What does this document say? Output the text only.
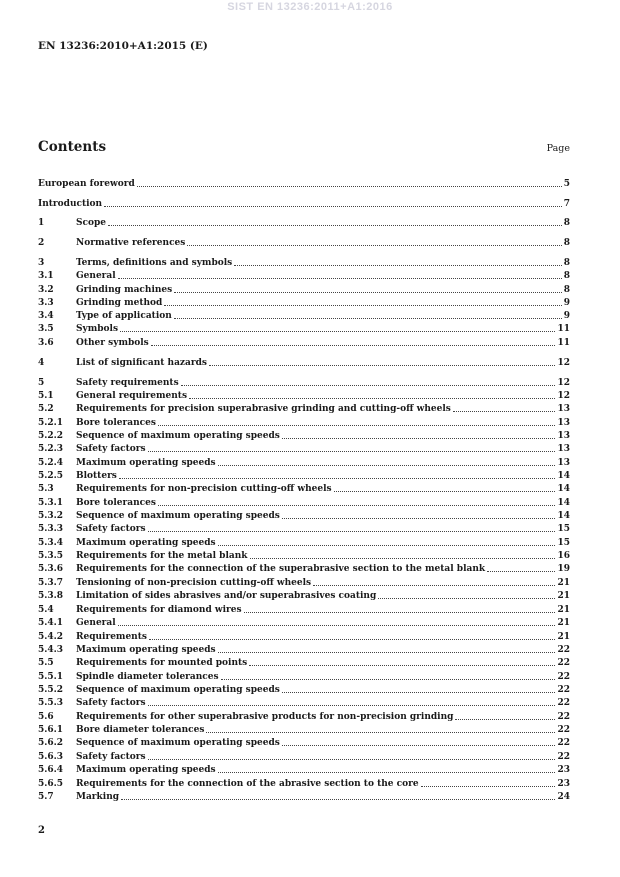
SIST EN 13236:2011+A1:2016
EN 13236:2010+A1:2015 (E)
Contents	Page
European foreword	5
Introduction	7
1	Scope	8
2	Normative references	8
3	Terms, definitions and symbols	8
3.1 General	8
3.2 Grinding machines	8
3.3 Grinding method	9
3.4 Type of application	9
3.5 Symbols	11
3.6 Other symbols	11
4	List of significant hazards	12
5	Safety requirements	12
5.1 General requirements	12
5.2 Requirements for precision superabrasive grinding and cutting-off wheels	13
5.2.1 Bore tolerances	13
5.2.2 Sequence of maximum operating speeds	13
5.2.3 Safety factors	13
5.2.4 Maximum operating speeds	13
5.2.5 Blotters	14
5.3 Requirements for non-precision cutting-off wheels	14
5.3.1 Bore tolerances	14
5.3.2 Sequence of maximum operating speeds	14
5.3.3 Safety factors	15
5.3.4 Maximum operating speeds	15
5.3.5 Requirements for the metal blank	16
5.3.6 Requirements for the connection of the superabrasive section to the metal blank	19
5.3.7 Tensioning of non-precision cutting-off wheels	21
5.3.8 Limitation of sides abrasives and/or superabrasives coating	21
5.4 Requirements for diamond wires	21
5.4.1 General	21
5.4.2 Requirements	21
5.4.3 Maximum operating speeds	22
5.5 Requirements for mounted points	22
5.5.1 Spindle diameter tolerances	22
5.5.2 Sequence of maximum operating speeds	22
5.5.3 Safety factors	22
5.6 Requirements for other superabrasive products for non-precision grinding	22
5.6.1 Bore diameter tolerances	22
5.6.2 Sequence of maximum operating speeds	22
5.6.3 Safety factors	22
5.6.4 Maximum operating speeds	23
5.6.5 Requirements for the connection of the abrasive section to the core	23
5.7 Marking	24
2
